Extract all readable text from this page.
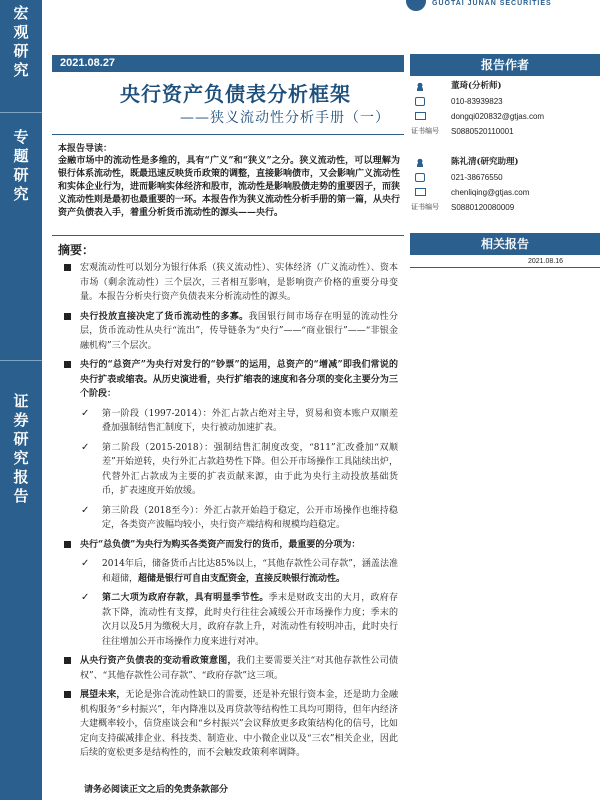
宏
观
研
究
专
题
研
究
证
券
研
究
报
告
GUOTAI JUNAN SECURITIES
2021.08.27
央行资产负债表分析框架
——狭义流动性分析手册（一）
本报告导读：
金融市场中的流动性是多维的，具有“广义”和“狭义”之分。狭义流动性，可以理解为银行体系流动性，既最迅速反映货币政策的调整，直接影响债市，又会影响广义流动性和实体企业行为，进而影响实体经济和股市，流动性是影响股债走势的重要因子，而狭义流动性则是最初也最重要的一环。本报告作为狭义流动性分析手册的第一篇，从央行资产负债表入手，着重分析货币流动性的源头——央行。
摘要：
宏观流动性可以划分为银行体系（狭义流动性）、实体经济（广义流动性）、资本市场（剩余流动性）三个层次，三者相互影响，是影响资产价格的重要分母变量。本报告分析央行资产负债表来分析流动性的源头。
央行投放直接决定了货币流动性的多寡。我国银行间市场存在明显的流动性分层，货币流动性从央行“流出”，传导链条为“央行”——“商业银行”——“非银金融机构”三个层次。
央行的“总资产”为央行对发行的“钞票”的运用，总资产的“增减”即我们常说的央行扩表或缩表。从历史演进看，央行扩缩表的速度和各分项的变化主要分为三个阶段：
✓ 第一阶段（1997-2014）：外汇占款占绝对主导，贸易和资本账户双顺差叠加强制结售汇制度下，央行被动加速扩表。
✓ 第二阶段（2015-2018）：强制结售汇制度改变，“811”汇改叠加“双顺差”开始逆转，央行外汇占款趋势性下降。但公开市场操作工具陆续出炉，代替外汇占款成为主要的扩表贡献来源，由于此为央行主动投放基础货币，扩表速度开始放缓。
✓ 第三阶段（2018至今）：外汇占款开始趋于稳定，公开市场操作也维持稳定，各类资产波幅均较小，央行资产端结构和规模均趋稳定。
央行“总负债”为央行为购买各类资产而发行的货币，最重要的分项为：
✓ 2014年后，储备货币占比达85%以上，“其他存款性公司存款”，涵盖法准和超储，超储是银行可自由支配资金，直接反映银行流动性。
✓ 第二大项为政府存款，具有明显季节性。季末是财政支出的大月，政府存款下降，流动性有支撑，此时央行往往会减缓公开市场操作力度；季末的次月以及5月为缴税大月，政府存款上升，对流动性有较明冲击，此时央行往往增加公开市场操作力度来进行对冲。
从央行资产负债表的变动看政策意图，我们主要需要关注“对其他存款性公司债权”、“其他存款性公司存款”、“政府存款”这三项。
展望未来，无论是弥合流动性缺口的需要，还是补充银行资本金，还是助力金融机构服务“乡村振兴”，年内降准以及再贷款等结构性工具均可期待，但年内经济大建概率较小，信贷座谈会和“乡村振兴”会议释放更多政策结构化的信号，比如定向支持碳减排企业、科技类、制造业、中小微企业以及“三农”相关企业，因此后续的宽松更多是结构性的，而不会触发政策利率调降。
请务必阅读正文之后的免责条款部分
报告作者
董琦(分析师)
010-83939823
dongqi020832@gtjas.com
证书编号 S0880520110001
陈礼清(研究助理)
021-38676550
chenliqing@gtjas.com
证书编号 S0880120080009
相关报告
2021.08.16
